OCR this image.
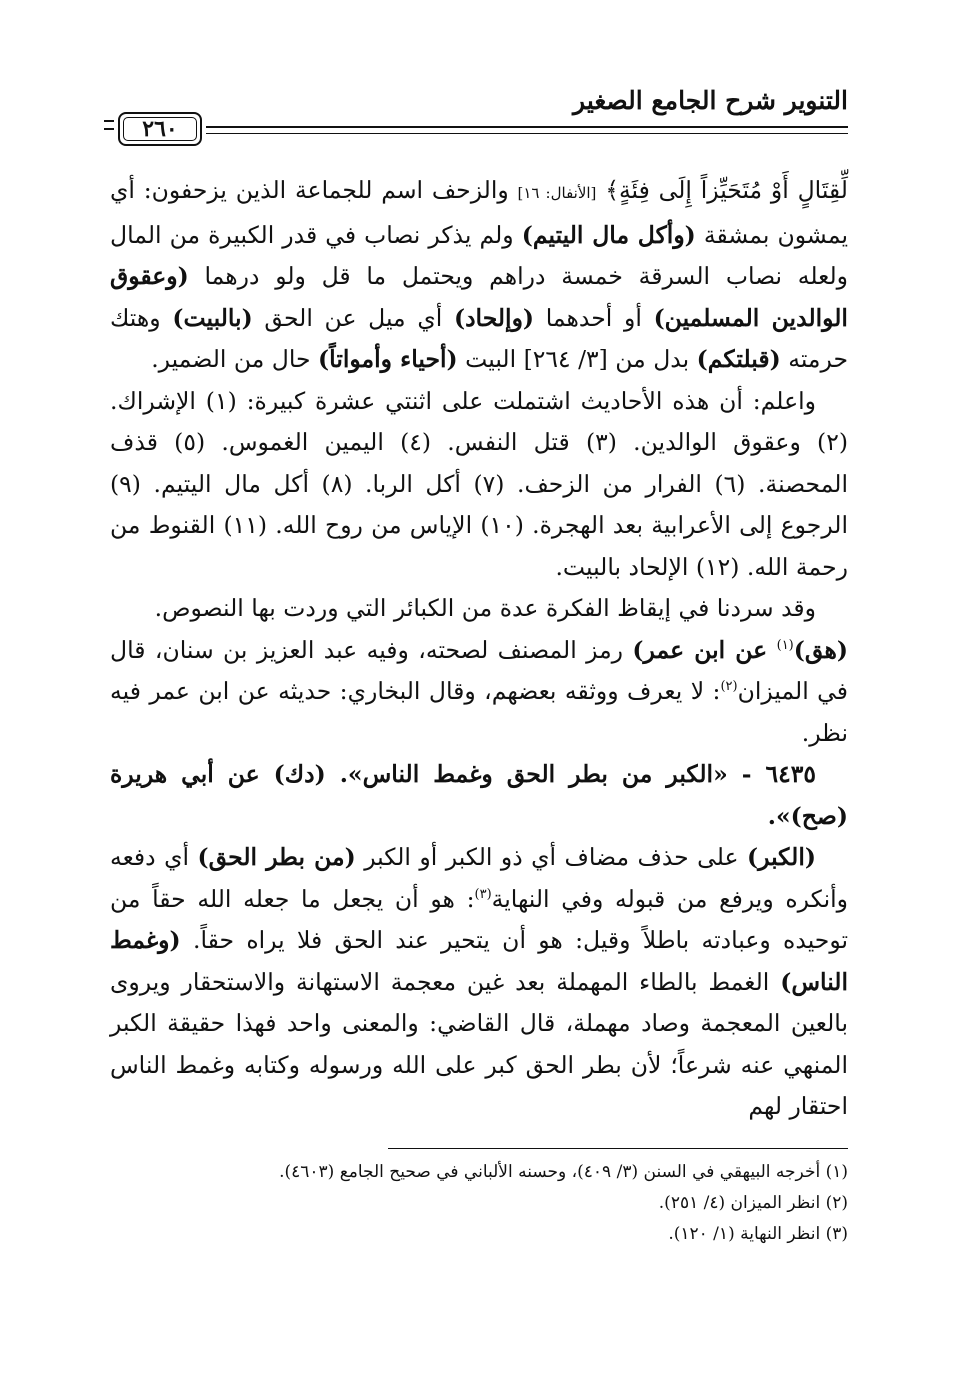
التنوير شرح الجامع الصغير
٢٦٠

لِّقِتَالٍ أَوْ مُتَحَيِّزاً إِلَى فِئَةٍ﴾ [الأنفال: ١٦] والزحف اسم للجماعة الذين يزحفون: أي يمشون بمشقة (وأكل مال اليتيم) ولم يذكر نصاب في قدر الكبيرة من المال ولعله نصاب السرقة خمسة دراهم ويحتمل ما قل ولو درهما (وعقوق الوالدين المسلمين) أو أحدهما (وإلحاد) أي ميل عن الحق (بالبيت) وهتك حرمته (قبلتكم) بدل من [٣/ ٢٦٤] البيت (أحياء وأمواتاً) حال من الضمير.

واعلم: أن هذه الأحاديث اشتملت على اثنتي عشرة كبيرة: (١) الإشراك. (٢) وعقوق الوالدين. (٣) قتل النفس. (٤) اليمين الغموس. (٥) قذف المحصنة. (٦) الفرار من الزحف. (٧) أكل الربا. (٨) أكل مال اليتيم. (٩) الرجوع إلى الأعرابية بعد الهجرة. (١٠) الإياس من روح الله. (١١) القنوط من رحمة الله. (١٢) الإلحاد بالبيت.

وقد سردنا في إيقاظ الفكرة عدة من الكبائر التي وردت بها النصوص.

(هق)$^{(١)}$ عن ابن عمر) رمز المصنف لصحته، وفيه عبد العزيز بن سنان، قال في الميزان$^{(٢)}$: لا يعرف ووثقه بعضهم، وقال البخاري: حديثه عن ابن عمر فيه نظر.

٦٤٣٥ - «الكبر من بطر الحق وغمط الناس». (دك) عن أبي هريرة (صح)».

(الكبر) على حذف مضاف أي ذو الكبر أو الكبر (من بطر الحق) أي دفعه وأنكره ويرفع من قبوله وفي النهاية$^{(٣)}$: هو أن يجعل ما جعله الله حقاً من توحيده وعبادته باطلاً وقيل: هو أن يتحير عند الحق فلا يراه حقاً. (وغمط الناس) الغمط بالطاء المهملة بعد غين معجمة الاستهانة والاستحقار ويروى بالعين المعجمة وصاد مهملة، قال القاضي: والمعنى واحد فهذا حقيقة الكبر المنهي عنه شرعاً؛ لأن بطر الحق كبر على الله ورسوله وكتابه وغمط الناس احتقار لهم

(١) أخرجه البيهقي في السنن (٣/ ٤٠٩)، وحسنه الألباني في صحيح الجامع (٤٦٠٣).

(٢) انظر الميزان (٤/ ٢٥١).

(٣) انظر النهاية (١/ ١٢٠).
